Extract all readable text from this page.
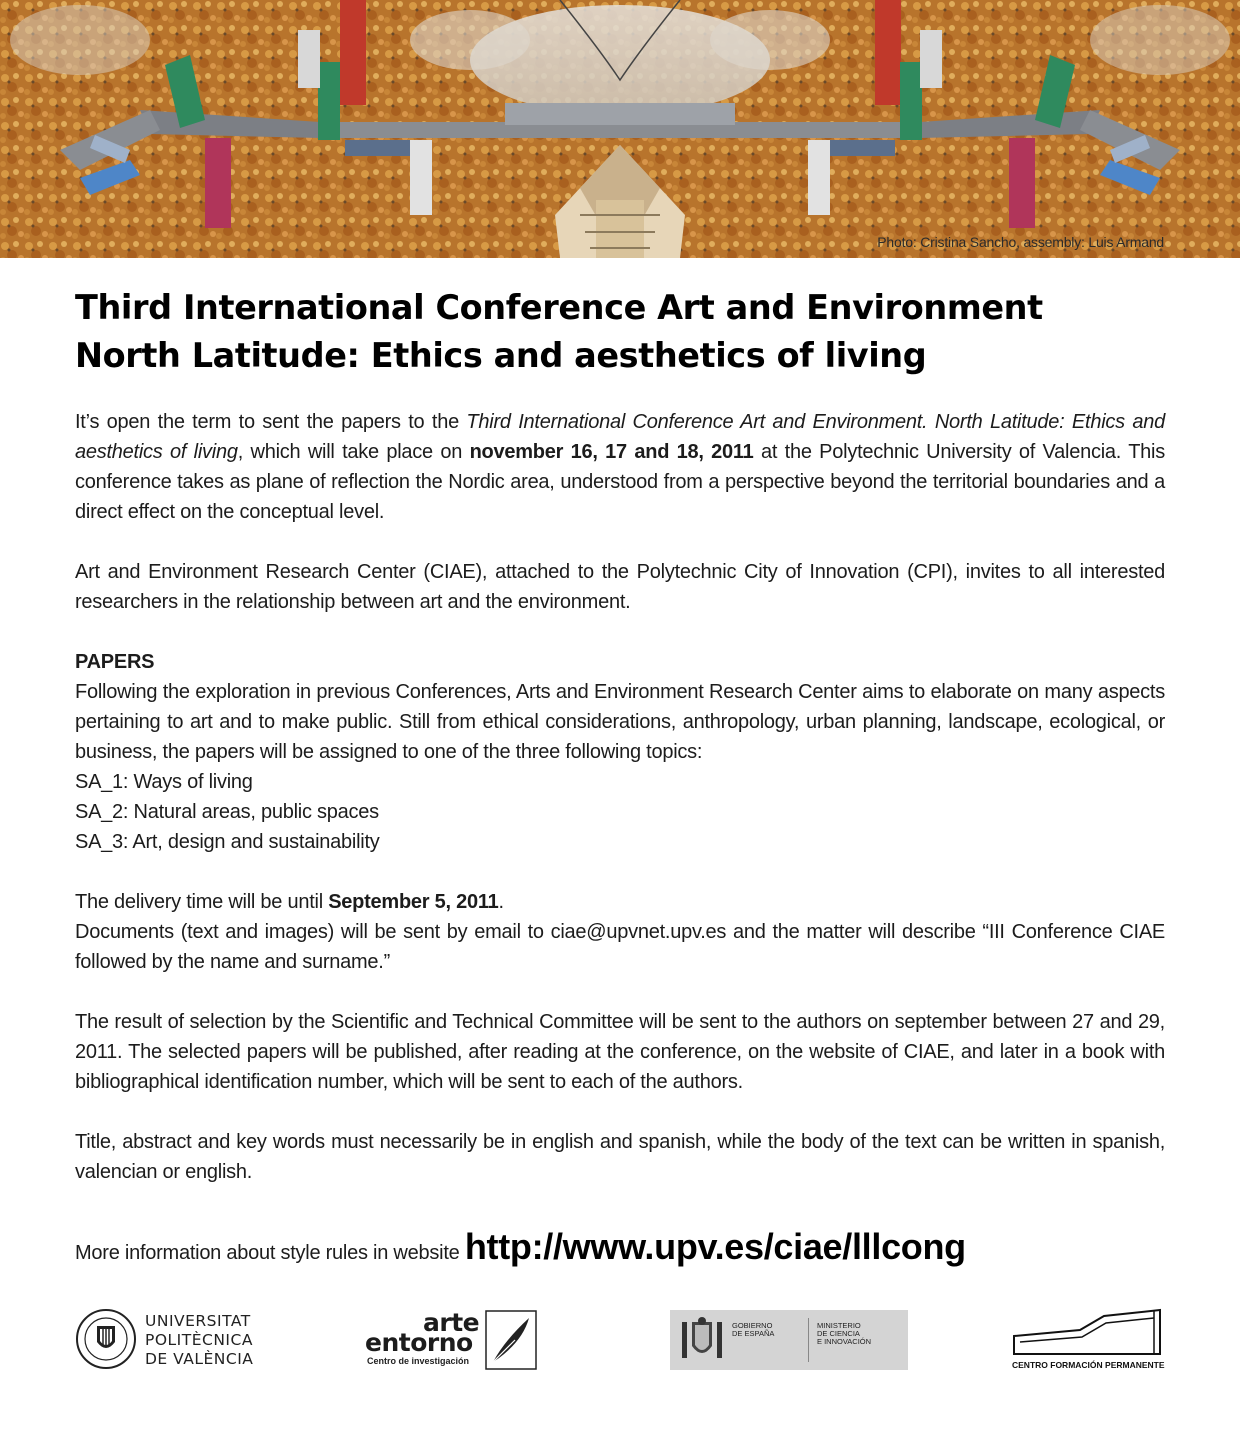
Photo: Cristina Sancho, assembly: Luis Armand
Third International Conference Art and Environment
North Latitude: Ethics and aesthetics of living

It’s open the term to sent the papers to the Third International Conference Art and Environment. North Latitude: Ethics and aesthetics of living, which will take place on november 16, 17 and 18, 2011 at the Polytechnic University of Valencia. This conference takes as plane of reflection the Nordic area, understood from a perspective beyond the territorial boundaries and a direct effect on the conceptual level.

Art and Environment Research Center (CIAE), attached to the Polytechnic City of Innovation (CPI), invites to all interested researchers in the relationship between art and the environment.

PAPERS

Following the exploration in previous Conferences, Arts and Environment Research Center aims to elaborate on many aspects pertaining to art and to make public. Still from ethical considerations, anthropology, urban planning, landscape, ecological, or business, the papers will be assigned to one of the three following topics:

SA_1: Ways of living
SA_2: Natural areas, public spaces
SA_3: Art, design and sustainability

The delivery time will be until September 5, 2011.

Documents (text and images) will be sent by email to ciae@upvnet.upv.es and the matter will describe “III Conference CIAE followed by the name and surname.”

The result of selection by the Scientific and Technical Committee will be sent to the authors on september between 27 and 29, 2011. The selected papers will be published, after reading at the conference, on the website of CIAE, and later in a book with bibliographical identification number, which will be sent to each of the authors.

Title, abstract and key words must necessarily be in english and spanish, while the body of the text can be written in spanish, valencian or english.

More information about style rules in website http://www.upv.es/ciae/lllcong
UNIVERSITAT
POLITÈCNICA
DE VALÈNCIA
arte
entorno
Centro de investigación
GOBIERNO
DE ESPAÑA
MINISTERIO
DE CIENCIA
E INNOVACIÓN
CENTRO FORMACIÓN PERMANENTE
